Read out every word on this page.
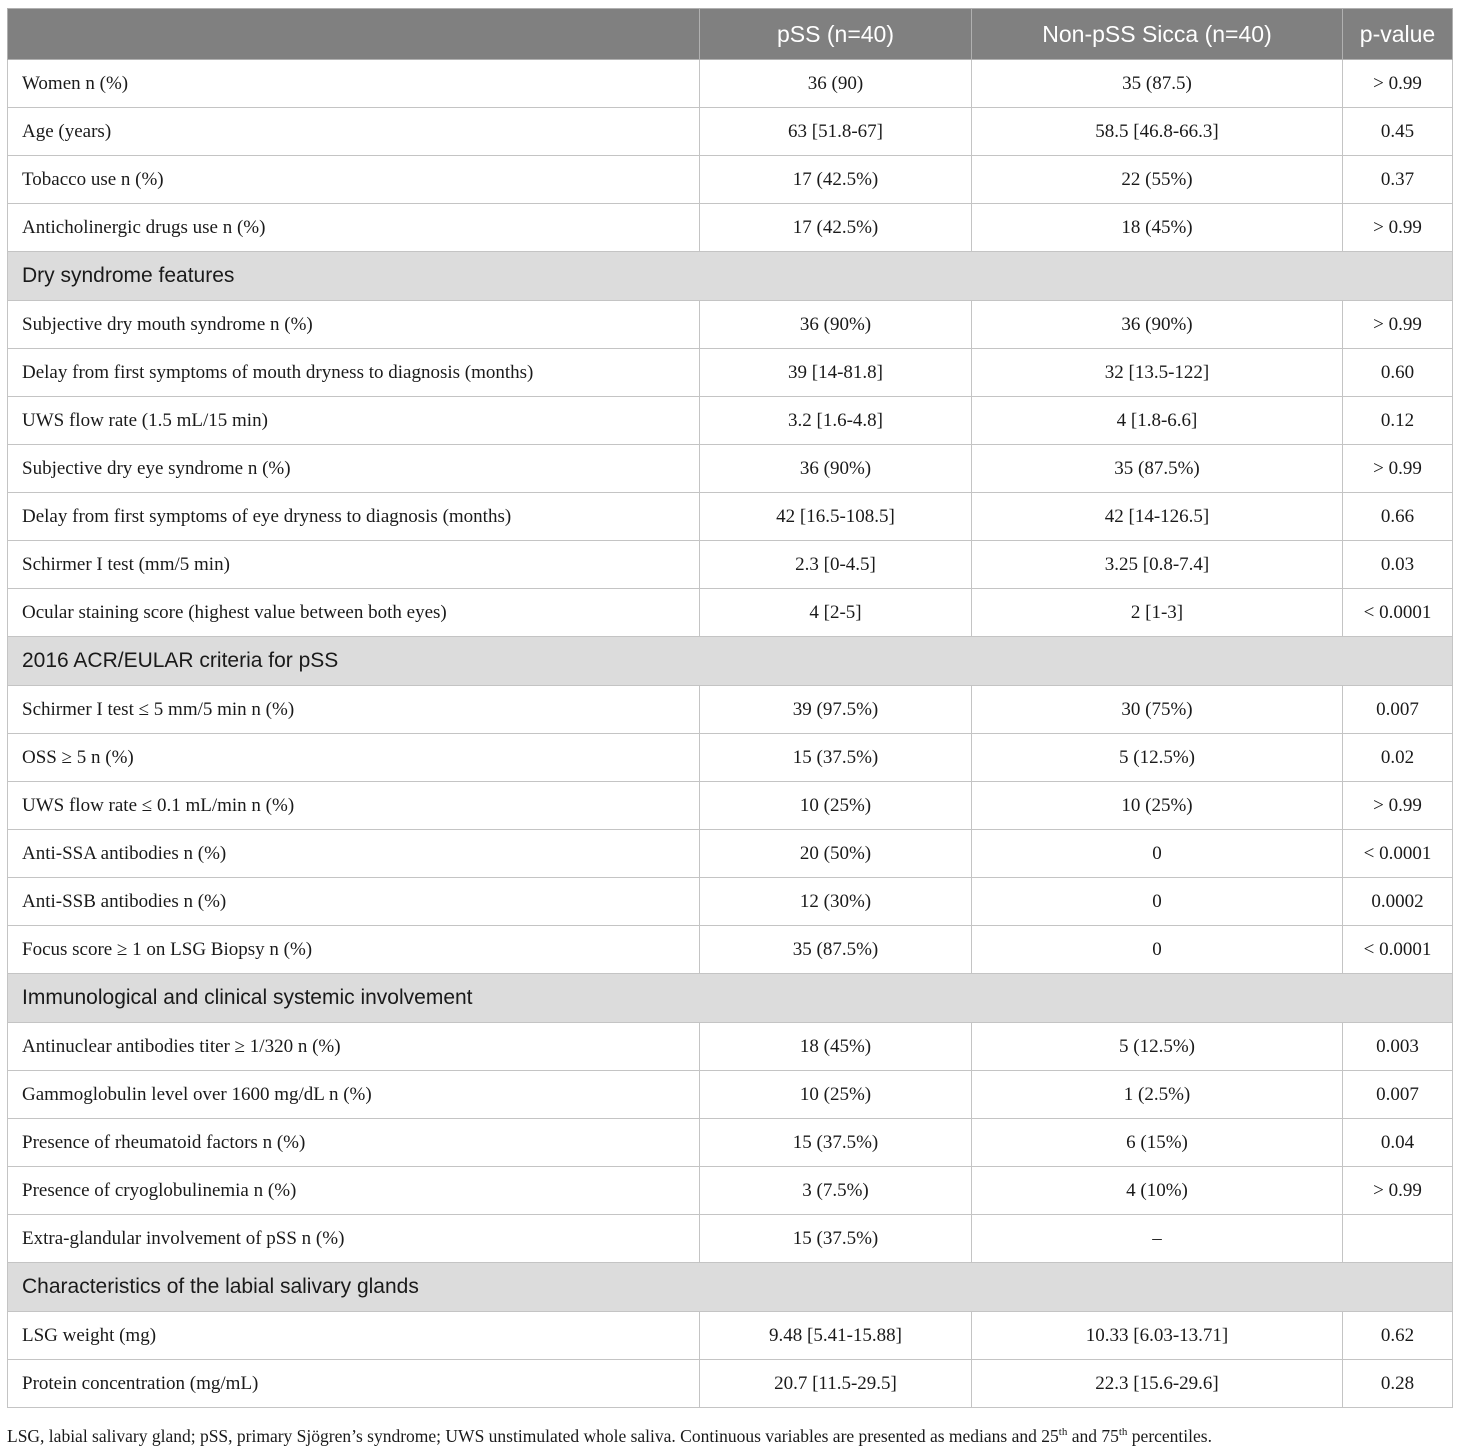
	pSS (n=40)	Non-pSS Sicca (n=40)	p-value
Women n (%)	36 (90)	35 (87.5)	> 0.99
Age (years)	63 [51.8-67]	58.5 [46.8-66.3]	0.45
Tobacco use n (%)	17 (42.5%)	22 (55%)	0.37
Anticholinergic drugs use n (%)	17 (42.5%)	18 (45%)	> 0.99
Dry syndrome features			
Subjective dry mouth syndrome n (%)	36 (90%)	36 (90%)	> 0.99
Delay from first symptoms of mouth dryness to diagnosis (months)	39 [14-81.8]	32 [13.5-122]	0.60
UWS flow rate (1.5 mL/15 min)	3.2 [1.6-4.8]	4 [1.8-6.6]	0.12
Subjective dry eye syndrome n (%)	36 (90%)	35 (87.5%)	> 0.99
Delay from first symptoms of eye dryness to diagnosis (months)	42 [16.5-108.5]	42 [14-126.5]	0.66
Schirmer I test (mm/5 min)	2.3 [0-4.5]	3.25 [0.8-7.4]	0.03
Ocular staining score (highest value between both eyes)	4 [2-5]	2 [1-3]	< 0.0001
2016 ACR/EULAR criteria for pSS			
Schirmer I test ≤ 5 mm/5 min n (%)	39 (97.5%)	30 (75%)	0.007
OSS ≥ 5 n (%)	15 (37.5%)	5 (12.5%)	0.02
UWS flow rate ≤ 0.1 mL/min n (%)	10 (25%)	10 (25%)	> 0.99
Anti-SSA antibodies n (%)	20 (50%)	0	< 0.0001
Anti-SSB antibodies n (%)	12 (30%)	0	0.0002
Focus score ≥ 1 on LSG Biopsy n (%)	35 (87.5%)	0	< 0.0001
Immunological and clinical systemic involvement			
Antinuclear antibodies titer ≥ 1/320 n (%)	18 (45%)	5 (12.5%)	0.003
Gammoglobulin level over 1600 mg/dL n (%)	10 (25%)	1 (2.5%)	0.007
Presence of rheumatoid factors n (%)	15 (37.5%)	6 (15%)	0.04
Presence of cryoglobulinemia n (%)	3 (7.5%)	4 (10%)	> 0.99
Extra-glandular involvement of pSS n (%)	15 (37.5%)	–	
Characteristics of the labial salivary glands			
LSG weight (mg)	9.48 [5.41-15.88]	10.33 [6.03-13.71]	0.62
Protein concentration (mg/mL)	20.7 [11.5-29.5]	22.3 [15.6-29.6]	0.28
LSG, labial salivary gland; pSS, primary Sjögren’s syndrome; UWS unstimulated whole saliva. Continuous variables are presented as medians and 25th and 75th percentiles.
